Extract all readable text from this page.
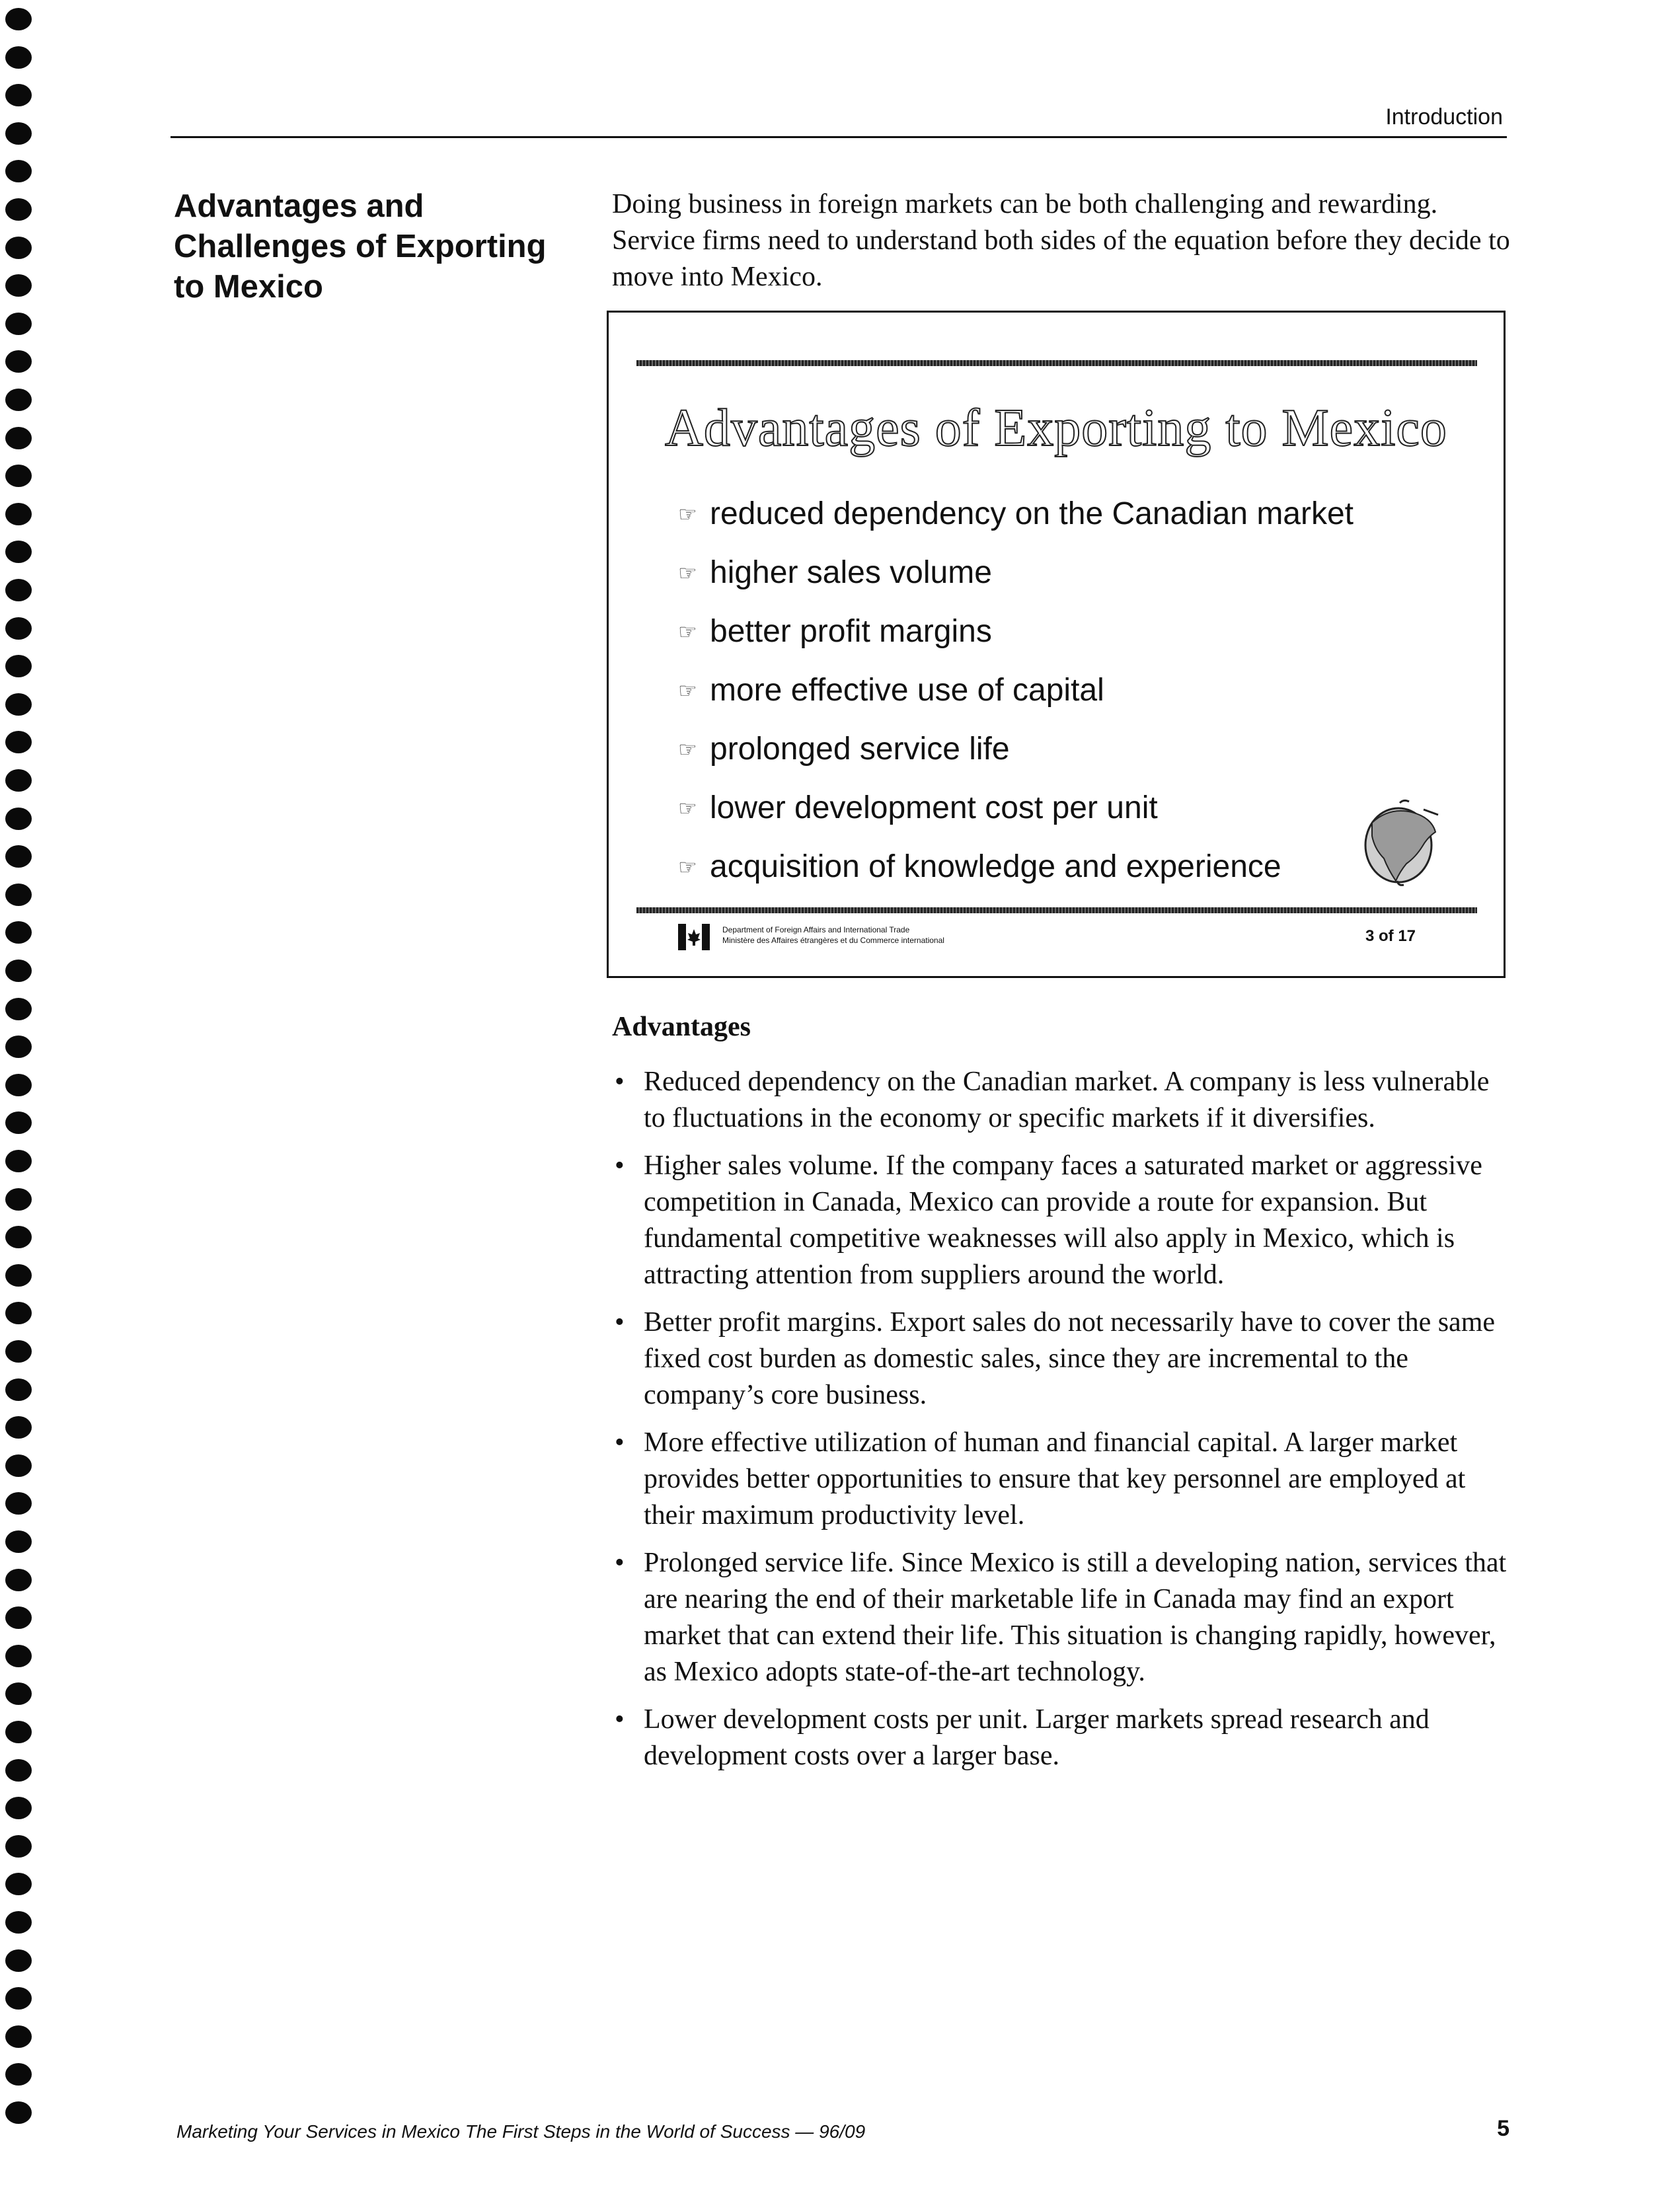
Introduction
Advantages and
Challenges of Exporting
to Mexico
Doing business in foreign markets can be both challenging and rewarding. Service firms need to understand both sides of the equation before they decide to move into Mexico.
Advantages of Exporting to Mexico
☞ reduced dependency on the Canadian market
☞ higher sales volume
☞ better profit margins
☞ more effective use of capital
☞ prolonged service life
☞ lower development cost per unit
☞ acquisition of knowledge and experience
Department of Foreign Affairs and International Trade
Ministère des Affaires étrangères et du Commerce international	3 of 17
Advantages
• Reduced dependency on the Canadian market. A company is less vulnerable to fluctuations in the economy or specific markets if it diversifies.
• Higher sales volume. If the company faces a saturated market or aggressive competition in Canada, Mexico can provide a route for expansion. But fundamental competitive weaknesses will also apply in Mexico, which is attracting attention from suppliers around the world.
• Better profit margins. Export sales do not necessarily have to cover the same fixed cost burden as domestic sales, since they are incremental to the company’s core business.
• More effective utilization of human and financial capital. A larger market provides better opportunities to ensure that key personnel are employed at their maximum productivity level.
• Prolonged service life. Since Mexico is still a developing nation, services that are nearing the end of their marketable life in Canada may find an export market that can extend their life. This situation is changing rapidly, however, as Mexico adopts state-of-the-art technology.
• Lower development costs per unit. Larger markets spread research and development costs over a larger base.
Marketing Your Services in Mexico The First Steps in the World of Success — 96/09	5
